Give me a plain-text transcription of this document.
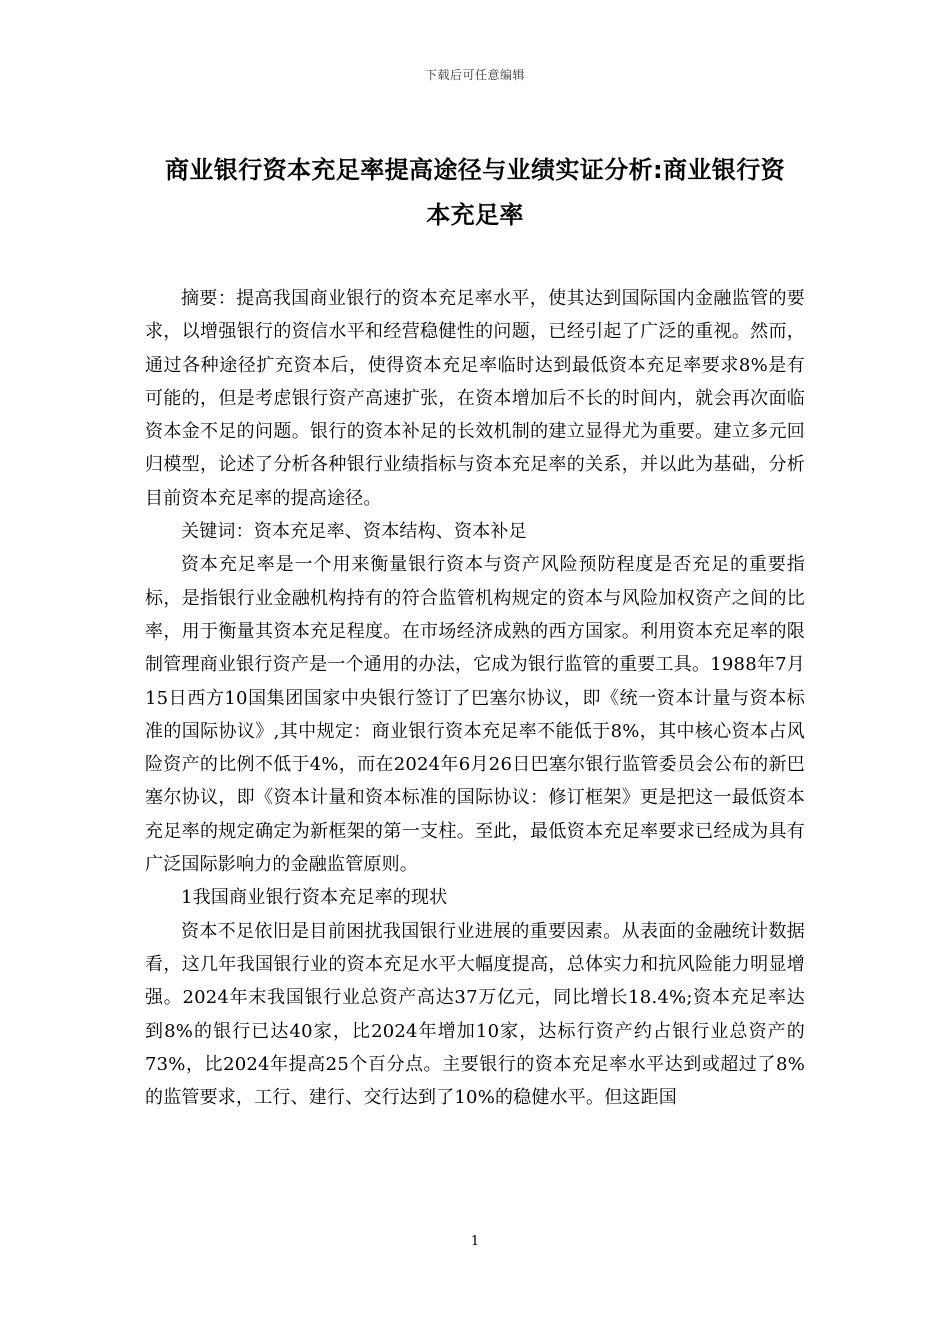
下载后可任意编辑
商业银行资本充足率提高途径与业绩实证分析:商业银行资
本充足率

摘要：提高我国商业银行的资本充足率水平，使其达到国际国内金融监管的要求，以增强银行的资信水平和经营稳健性的问题，已经引起了广泛的重视。然而，通过各种途径扩充资本后，使得资本充足率临时达到最低资本充足率要求8%是有可能的，但是考虑银行资产高速扩张，在资本增加后不长的时间内，就会再次面临资本金不足的问题。银行的资本补足的长效机制的建立显得尤为重要。建立多元回归模型，论述了分析各种银行业绩指标与资本充足率的关系，并以此为基础，分析目前资本充足率的提高途径。

关键词：资本充足率、资本结构、资本补足

资本充足率是一个用来衡量银行资本与资产风险预防程度是否充足的重要指标，是指银行业金融机构持有的符合监管机构规定的资本与风险加权资产之间的比率，用于衡量其资本充足程度。在市场经济成熟的西方国家。利用资本充足率的限制管理商业银行资产是一个通用的办法，它成为银行监管的重要工具。1988年7月15日西方10国集团国家中央银行签订了巴塞尔协议，即《统一资本计量与资本标准的国际协议》,其中规定：商业银行资本充足率不能低于8%，其中核心资本占风险资产的比例不低于4%，而在2024年6月26日巴塞尔银行监管委员会公布的新巴塞尔协议，即《资本计量和资本标准的国际协议：修订框架》更是把这一最低资本充足率的规定确定为新框架的第一支柱。至此，最低资本充足率要求已经成为具有广泛国际影响力的金融监管原则。

1我国商业银行资本充足率的现状

资本不足依旧是目前困扰我国银行业进展的重要因素。从表面的金融统计数据看，这几年我国银行业的资本充足水平大幅度提高，总体实力和抗风险能力明显增强。2024年末我国银行业总资产高达37万亿元，同比增长18.4%;资本充足率达到8%的银行已达40家，比2024年增加10家，达标行资产约占银行业总资产的73%，比2024年提高25个百分点。主要银行的资本充足率水平达到或超过了8%的监管要求，工行、建行、交行达到了10%的稳健水平。但这距国

1
